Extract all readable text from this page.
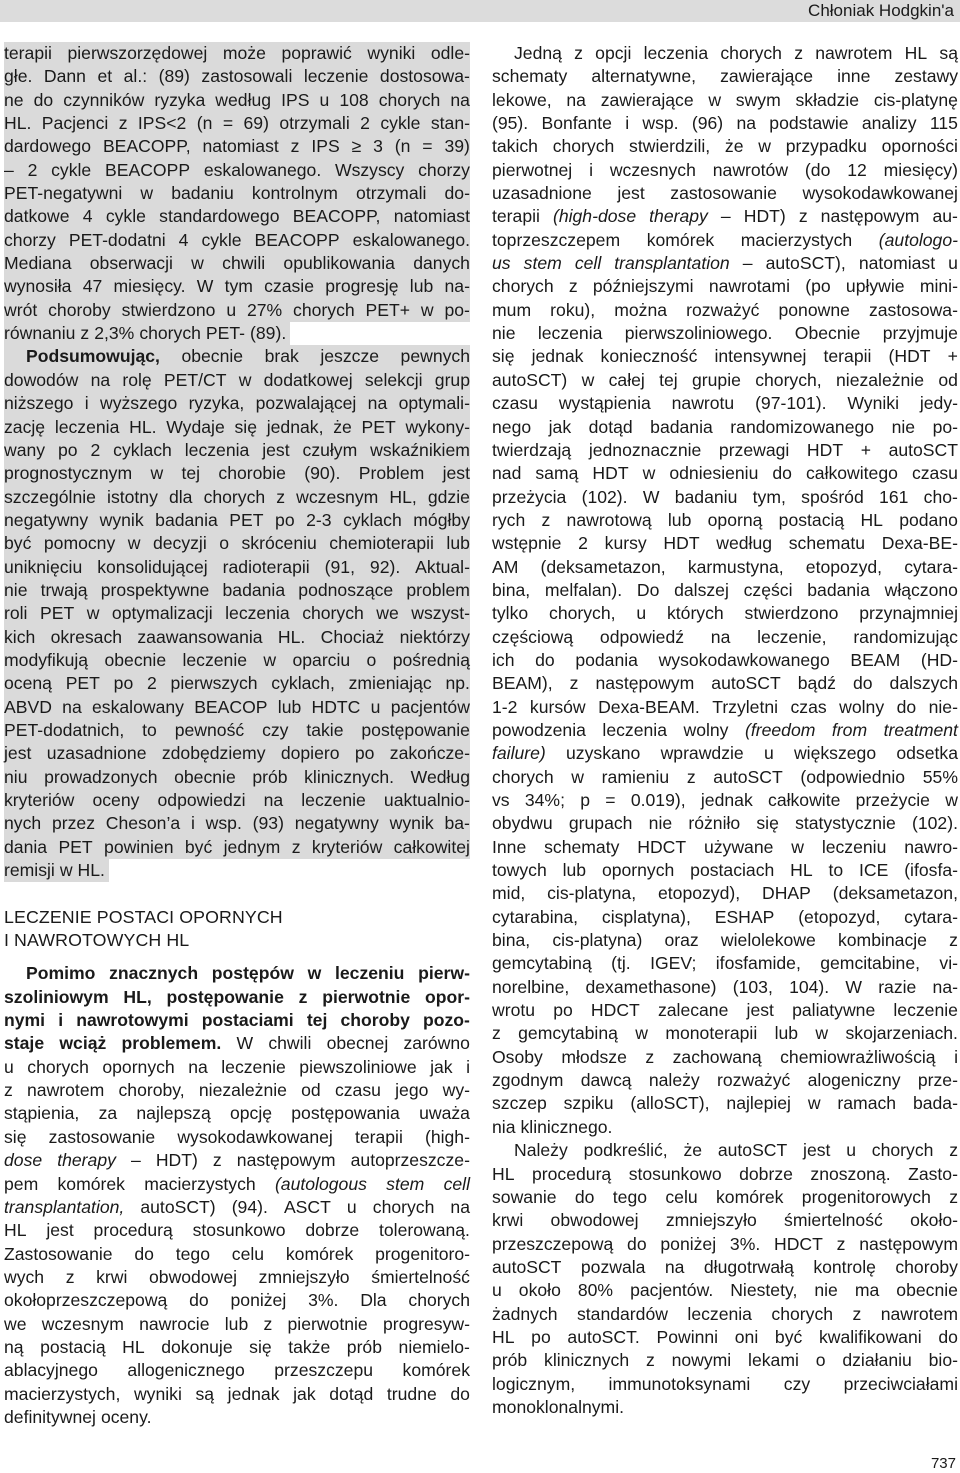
Chłoniak Hodgkin'a
terapii pierwszorzędowej może poprawić wyniki odle-
głe. Dann et al.: (89) zastosowali leczenie dostosowa-
ne do czynników ryzyka według IPS u 108 chorych na
HL. Pacjenci z IPS<2 (n = 69) otrzymali 2 cykle stan-
dardowego BEACOPP, natomiast z IPS ≥ 3 (n = 39)
– 2 cykle BEACOPP eskalowanego. Wszyscy chorzy
PET-negatywni w badaniu kontrolnym otrzymali do-
datkowe 4 cykle standardowego BEACOPP, natomiast
chorzy PET-dodatni 4 cykle BEACOPP eskalowanego.
Mediana obserwacji w chwili opublikowania danych
wynosiła 47 miesięcy. W tym czasie progresję lub na-
wrót choroby stwierdzono u 27% chorych PET+ w po-
równaniu z 2,3% chorych PET- (89).
Podsumowując, obecnie brak jeszcze pewnych
dowodów na rolę PET/CT w dodatkowej selekcji grup
niższego i wyższego ryzyka, pozwalającej na optymali-
zację leczenia HL. Wydaje się jednak, że PET wykony-
wany po 2 cyklach leczenia jest czułym wskaźnikiem
prognostycznym w tej chorobie (90). Problem jest
szczególnie istotny dla chorych z wczesnym HL, gdzie
negatywny wynik badania PET po 2-3 cyklach mógłby
być pomocny w decyzji o skróceniu chemioterapii lub
uniknięciu konsolidującej radioterapii (91, 92). Aktual-
nie trwają prospektywne badania podnoszące problem
roli PET w optymalizacji leczenia chorych we wszyst-
kich okresach zaawansowania HL. Chociaż niektórzy
modyfikują obecnie leczenie w oparciu o pośrednią
oceną PET po 2 pierwszych cyklach, zmieniając np.
ABVD na eskalowany BEACOP lub HDTC u pacjentów
PET-dodatnich, to pewność czy takie postępowanie
jest uzasadnione zdobędziemy dopiero po zakończe-
niu prowadzonych obecnie prób klinicznych. Według
kryteriów oceny odpowiedzi na leczenie uaktualnio-
nych przez Cheson’a i wsp. (93) negatywny wynik ba-
dania PET powinien być jednym z kryteriów całkowitej
remisji w HL.
LECZENIE POSTACI OPORNYCH
I NAWROTOWYCH HL
Pomimo znacznych postępów w leczeniu pierw-
szoliniowym HL, postępowanie z pierwotnie opor-
nymi i nawrotowymi postaciami tej choroby pozo-
staje wciąż problemem. W chwili obecnej zarówno
u chorych opornych na leczenie piewszoliniowe jak i
z nawrotem choroby, niezależnie od czasu jego wy-
stąpienia, za najlepszą opcję postępowania uważa
się zastosowanie wysokodawkowanej terapii (high-
dose therapy – HDT) z następowym autoprzeszcze-
pem komórek macierzystych (autologous stem cell
transplantation, autoSCT) (94). ASCT u chorych na
HL jest procedurą stosunkowo dobrze tolerowaną.
Zastosowanie do tego celu komórek progenitoro-
wych z krwi obwodowej zmniejszyło śmiertelność
okołoprzeszczepową do poniżej 3%. Dla chorych
we wczesnym nawrocie lub z pierwotnie progresyw-
ną postacią HL dokonuje się także prób niemielo-
ablacyjnego allogenicznego przeszczepu komórek
macierzystych, wyniki są jednak jak dotąd trudne do
definitywnej oceny.
Jedną z opcji leczenia chorych z nawrotem HL są
schematy alternatywne, zawierające inne zestawy
lekowe, na zawierające w swym składzie cis-platynę
(95). Bonfante i wsp. (96) na podstawie analizy 115
takich chorych stwierdzili, że w przypadku oporności
pierwotnej i wczesnych nawrotów (do 12 miesięcy)
uzasadnione jest zastosowanie wysokodawkowanej
terapii (high-dose therapy – HDT) z następowym au-
toprzeszczepem komórek macierzystych (autologo-
us stem cell transplantation – autoSCT), natomiast u
chorych z późniejszymi nawrotami (po upływie mini-
mum roku), można rozważyć ponowne zastosowa-
nie leczenia pierwszoliniowego. Obecnie przyjmuje
się jednak konieczność intensywnej terapii (HDT +
autoSCT) w całej tej grupie chorych, niezależnie od
czasu wystąpienia nawrotu (97-101). Wyniki jedy-
nego jak dotąd badania randomizowanego nie po-
twierdzają jednoznacznie przewagi HDT + autoSCT
nad samą HDT w odniesieniu do całkowitego czasu
przeżycia (102). W badaniu tym, spośród 161 cho-
rych z nawrotową lub oporną postacią HL podano
wstępnie 2 kursy HDT według schematu Dexa-BE-
AM (deksametazon, karmustyna, etopozyd, cytara-
bina, melfalan). Do dalszej części badania włączono
tylko chorych, u których stwierdzono przynajmniej
częściową odpowiedź na leczenie, randomizując
ich do podania wysokodawkowanego BEAM (HD-
BEAM), z następowym autoSCT bądź do dalszych
1-2 kursów Dexa-BEAM. Trzyletni czas wolny do nie-
powodzenia leczenia wolny (freedom from treatment
failure) uzyskano wprawdzie u większego odsetka
chorych w ramieniu z autoSCT (odpowiednio 55%
vs 34%; p = 0.019), jednak całkowite przeżycie w
obydwu grupach nie różniło się statystycznie (102).
Inne schematy HDCT używane w leczeniu nawro-
towych lub opornych postaciach HL to ICE (ifosfa-
mid, cis-platyna, etopozyd), DHAP (deksametazon,
cytarabina, cisplatyna), ESHAP (etopozyd, cytara-
bina, cis-platyna) oraz wielolekowe kombinacje z
gemcytabiną (tj. IGEV; ifosfamide, gemcitabine, vi-
norelbine, dexamethasone) (103, 104). W razie na-
wrotu po HDCT zalecane jest paliatywne leczenie
z gemcytabiną w monoterapii lub w skojarzeniach.
Osoby młodsze z zachowaną chemiowrażliwością i
zgodnym dawcą należy rozważyć alogeniczny prze-
szczep szpiku (alloSCT), najlepiej w ramach bada-
nia klinicznego.
Należy podkreślić, że autoSCT jest u chorych z
HL procedurą stosunkowo dobrze znoszoną. Zasto-
sowanie do tego celu komórek progenitorowych z
krwi obwodowej zmniejszyło śmiertelność około-
przeszczepową do poniżej 3%. HDCT z następowym
autoSCT pozwala na długotrwałą kontrolę choroby
u około 80% pacjentów. Niestety, nie ma obecnie
żadnych standardów leczenia chorych z nawrotem
HL po autoSCT. Powinni oni być kwalifikowani do
prób klinicznych z nowymi lekami o działaniu bio-
logicznym, immunotoksynami czy przeciwciałami
monoklonalnymi.
737
